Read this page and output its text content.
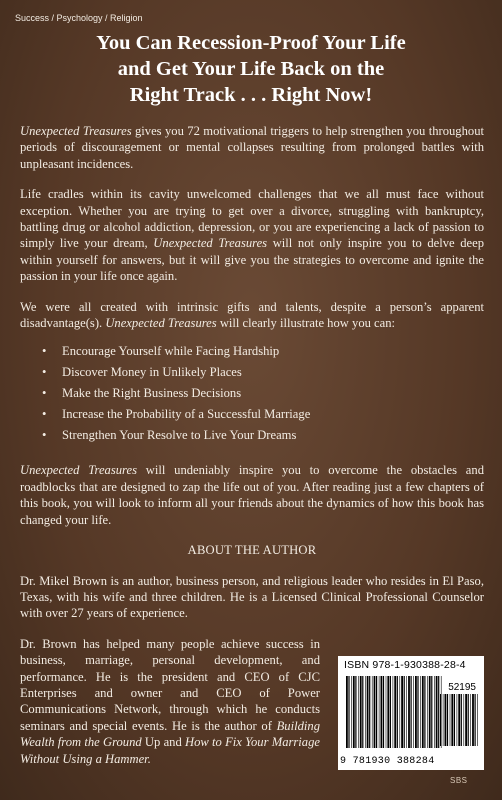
Success / Psychology / Religion
You Can Recession-Proof Your Life
and Get Your Life Back on the
Right Track . . . Right Now!

Unexpected Treasures gives you 72 motivational triggers to help strengthen you throughout periods of discouragement or mental collapses resulting from prolonged battles with unpleasant incidences.

Life cradles within its cavity unwelcomed challenges that we all must face without exception. Whether you are trying to get over a divorce, struggling with bankruptcy, battling drug or alcohol addiction, depression, or you are experiencing a lack of passion to simply live your dream, Unexpected Treasures will not only inspire you to delve deep within yourself for answers, but it will give you the strategies to overcome and ignite the passion in your life once again.

We were all created with intrinsic gifts and talents, despite a person’s apparent disadvantage(s). Unexpected Treasures will clearly illustrate how you can:

• Encourage Yourself while Facing Hardship
• Discover Money in Unlikely Places
• Make the Right Business Decisions
• Increase the Probability of a Successful Marriage
• Strengthen Your Resolve to Live Your Dreams

Unexpected Treasures will undeniably inspire you to overcome the obstacles and roadblocks that are designed to zap the life out of you. After reading just a few chapters of this book, you will look to inform all your friends about the dynamics of how this book has changed your life.

ABOUT THE AUTHOR

Dr. Mikel Brown is an author, business person, and religious leader who resides in El Paso, Texas, with his wife and three children. He is a Licensed Clinical Professional Counselor with over 27 years of experience.

Dr. Brown has helped many people achieve success in business, marriage, personal development, and performance. He is the president and CEO of CJC Enterprises and owner and CEO of Power Communications Network, through which he conducts seminars and special events. He is the author of Building Wealth from the Ground Up and How to Fix Your Marriage Without Using a Hammer.

ISBN 978-1-930388-28-4
52195
9 781930 388284
SBS
